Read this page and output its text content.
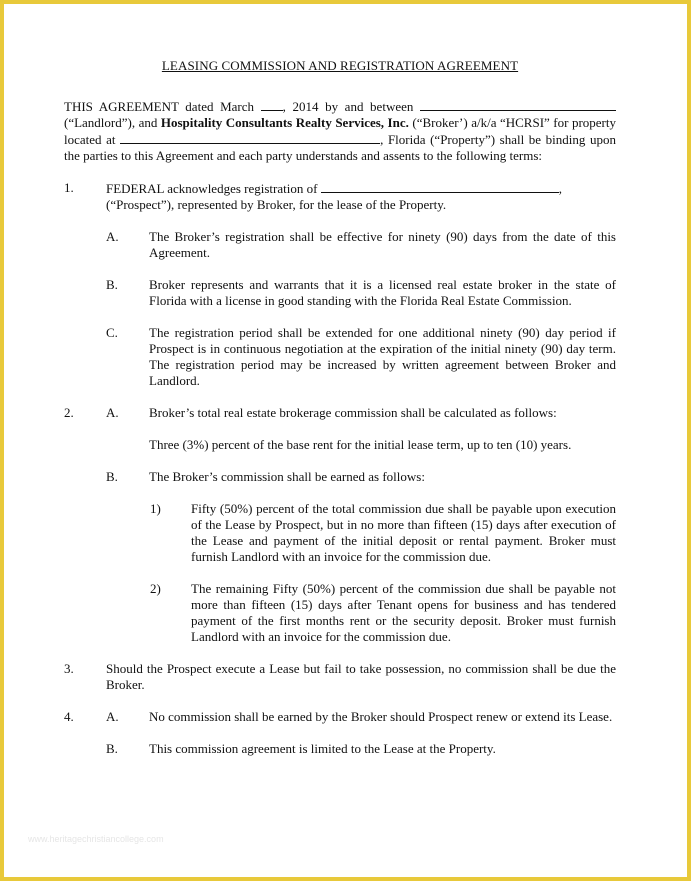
LEASING COMMISSION AND REGISTRATION AGREEMENT
THIS AGREEMENT dated March , 2014 by and between  (“Landlord”), and Hospitality Consultants Realty Services, Inc. (“Broker’) a/k/a “HCRSI” for property located at	, Florida (“Property”) shall be binding upon the parties to this Agreement and each party understands and assents to the following terms:
1. FEDERAL acknowledges registration of	, (“Prospect”), represented by Broker, for the lease of the Property.
A. The Broker’s registration shall be effective for ninety (90) days from the date of this Agreement.
B. Broker represents and warrants that it is a licensed real estate broker in the state of Florida with a license in good standing with the Florida Real Estate Commission.
C. The registration period shall be extended for one additional ninety (90) day period if Prospect is in continuous negotiation at the expiration of the initial ninety (90) day term. The registration period may be increased by written agreement between Broker and Landlord.
2. A. Broker’s total real estate brokerage commission shall be calculated as follows:
Three (3%) percent of the base rent for the initial lease term, up to ten (10) years.
B. The Broker’s commission shall be earned as follows:
1) Fifty (50%) percent of the total commission due shall be payable upon execution of the Lease by Prospect, but in no more than fifteen (15) days after execution of the Lease and payment of the initial deposit or rental payment. Broker must furnish Landlord with an invoice for the commission due.
2) The remaining Fifty (50%) percent of the commission due shall be payable not more than fifteen (15) days after Tenant opens for business and has tendered payment of the first months rent or the security deposit. Broker must furnish Landlord with an invoice for the commission due.
3. Should the Prospect execute a Lease but fail to take possession, no commission shall be due the Broker.
4. A. No commission shall be earned by the Broker should Prospect renew or extend its Lease.
B. This commission agreement is limited to the Lease at the Property.
www.heritagechristiancollege.com
